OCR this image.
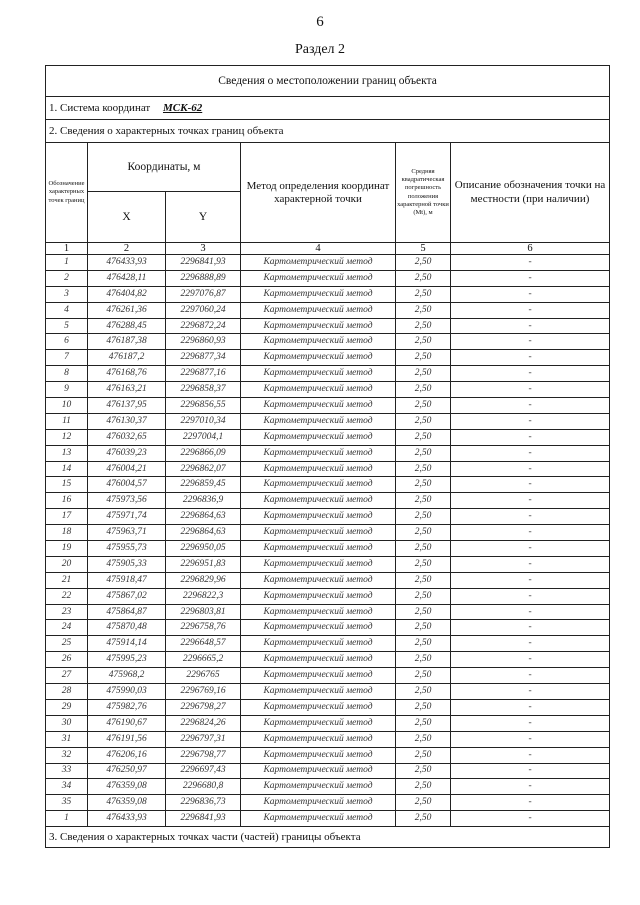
6
Раздел 2
Сведения о местоположении границ объекта					
1. Система координат МСК-62					
2. Сведения о характерных точках границ объекта					
Обозначение характерных точек границ	Координаты, м		Метод определения координат характерной точки	Средняя квадратическая погрешность положения характерной точки (Mt), м	Описание обозначения точки на местности (при наличии)
	X	Y			
1	2	3	4	5	6
1	476433,93	2296841,93	Картометрический метод	2,50	-
2	476428,11	2296888,89	Картометрический метод	2,50	-
3	476404,82	2297076,87	Картометрический метод	2,50	-
4	476261,36	2297060,24	Картометрический метод	2,50	-
5	476288,45	2296872,24	Картометрический метод	2,50	-
6	476187,38	2296860,93	Картометрический метод	2,50	-
7	476187,2	2296877,34	Картометрический метод	2,50	-
8	476168,76	2296877,16	Картометрический метод	2,50	-
9	476163,21	2296858,37	Картометрический метод	2,50	-
10	476137,95	2296856,55	Картометрический метод	2,50	-
11	476130,37	2297010,34	Картометрический метод	2,50	-
12	476032,65	2297004,1	Картометрический метод	2,50	-
13	476039,23	2296866,09	Картометрический метод	2,50	-
14	476004,21	2296862,07	Картометрический метод	2,50	-
15	476004,57	2296859,45	Картометрический метод	2,50	-
16	475973,56	2296836,9	Картометрический метод	2,50	-
17	475971,74	2296864,63	Картометрический метод	2,50	-
18	475963,71	2296864,63	Картометрический метод	2,50	-
19	475955,73	2296950,05	Картометрический метод	2,50	-
20	475905,33	2296951,83	Картометрический метод	2,50	-
21	475918,47	2296829,96	Картометрический метод	2,50	-
22	475867,02	2296822,3	Картометрический метод	2,50	-
23	475864,87	2296803,81	Картометрический метод	2,50	-
24	475870,48	2296758,76	Картометрический метод	2,50	-
25	475914,14	2296648,57	Картометрический метод	2,50	-
26	475995,23	2296665,2	Картометрический метод	2,50	-
27	475968,2	2296765	Картометрический метод	2,50	-
28	475990,03	2296769,16	Картометрический метод	2,50	-
29	475982,76	2296798,27	Картометрический метод	2,50	-
30	476190,67	2296824,26	Картометрический метод	2,50	-
31	476191,56	2296797,31	Картометрический метод	2,50	-
32	476206,16	2296798,77	Картометрический метод	2,50	-
33	476250,97	2296697,43	Картометрический метод	2,50	-
34	476359,08	2296680,8	Картометрический метод	2,50	-
35	476359,08	2296836,73	Картометрический метод	2,50	-
1	476433,93	2296841,93	Картометрический метод	2,50	-
3. Сведения о характерных точках части (частей) границы объекта					
